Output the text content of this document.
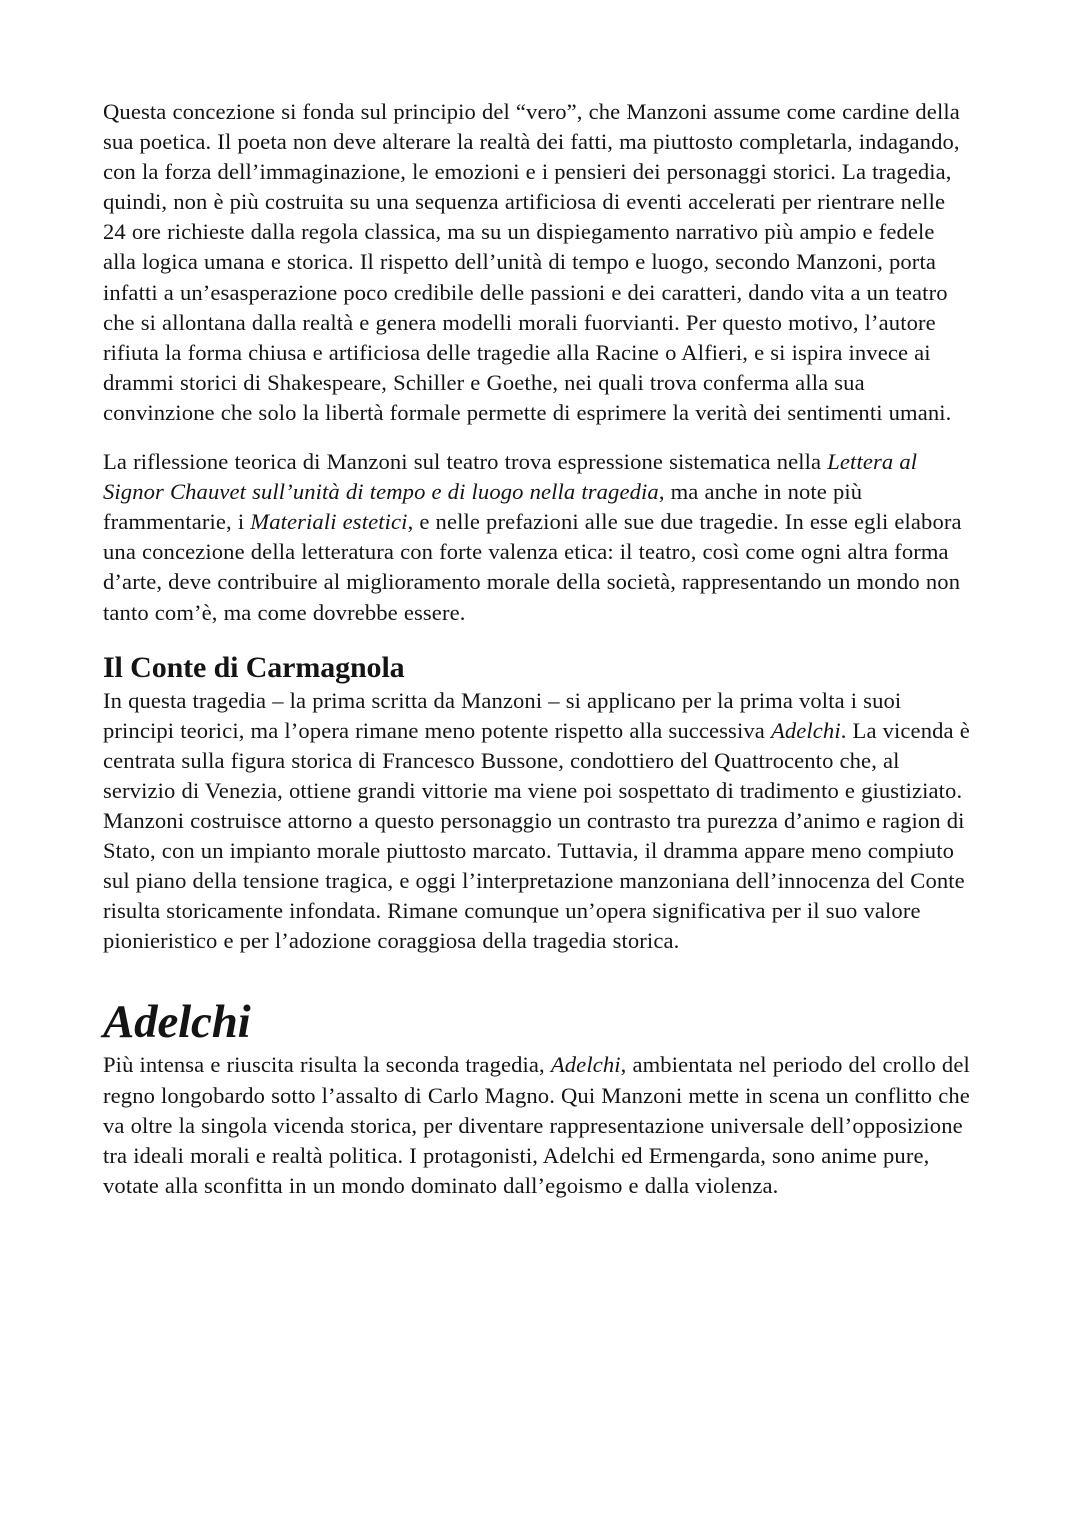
Questa concezione si fonda sul principio del “vero”, che Manzoni assume come cardine della sua poetica. Il poeta non deve alterare la realtà dei fatti, ma piuttosto completarla, indagando, con la forza dell’immaginazione, le emozioni e i pensieri dei personaggi storici. La tragedia, quindi, non è più costruita su una sequenza artificiosa di eventi accelerati per rientrare nelle 24 ore richieste dalla regola classica, ma su un dispiegamento narrativo più ampio e fedele alla logica umana e storica. Il rispetto dell’unità di tempo e luogo, secondo Manzoni, porta infatti a un’esasperazione poco credibile delle passioni e dei caratteri, dando vita a un teatro che si allontana dalla realtà e genera modelli morali fuorvianti. Per questo motivo, l’autore rifiuta la forma chiusa e artificiosa delle tragedie alla Racine o Alfieri, e si ispira invece ai drammi storici di Shakespeare, Schiller e Goethe, nei quali trova conferma alla sua convinzione che solo la libertà formale permette di esprimere la verità dei sentimenti umani.

La riflessione teorica di Manzoni sul teatro trova espressione sistematica nella Lettera al Signor Chauvet sull’unità di tempo e di luogo nella tragedia, ma anche in note più frammentarie, i Materiali estetici, e nelle prefazioni alle sue due tragedie. In esse egli elabora una concezione della letteratura con forte valenza etica: il teatro, così come ogni altra forma d’arte, deve contribuire al miglioramento morale della società, rappresentando un mondo non tanto com’è, ma come dovrebbe essere.

Il Conte di Carmagnola

In questa tragedia – la prima scritta da Manzoni – si applicano per la prima volta i suoi principi teorici, ma l’opera rimane meno potente rispetto alla successiva Adelchi. La vicenda è centrata sulla figura storica di Francesco Bussone, condottiero del Quattrocento che, al servizio di Venezia, ottiene grandi vittorie ma viene poi sospettato di tradimento e giustiziato. Manzoni costruisce attorno a questo personaggio un contrasto tra purezza d’animo e ragion di Stato, con un impianto morale piuttosto marcato. Tuttavia, il dramma appare meno compiuto sul piano della tensione tragica, e oggi l’interpretazione manzoniana dell’innocenza del Conte risulta storicamente infondata. Rimane comunque un’opera significativa per il suo valore pionieristico e per l’adozione coraggiosa della tragedia storica.

Adelchi

Più intensa e riuscita risulta la seconda tragedia, Adelchi, ambientata nel periodo del crollo del regno longobardo sotto l’assalto di Carlo Magno. Qui Manzoni mette in scena un conflitto che va oltre la singola vicenda storica, per diventare rappresentazione universale dell’opposizione tra ideali morali e realtà politica. I protagonisti, Adelchi ed Ermengarda, sono anime pure, votate alla sconfitta in un mondo dominato dall’egoismo e dalla violenza.
